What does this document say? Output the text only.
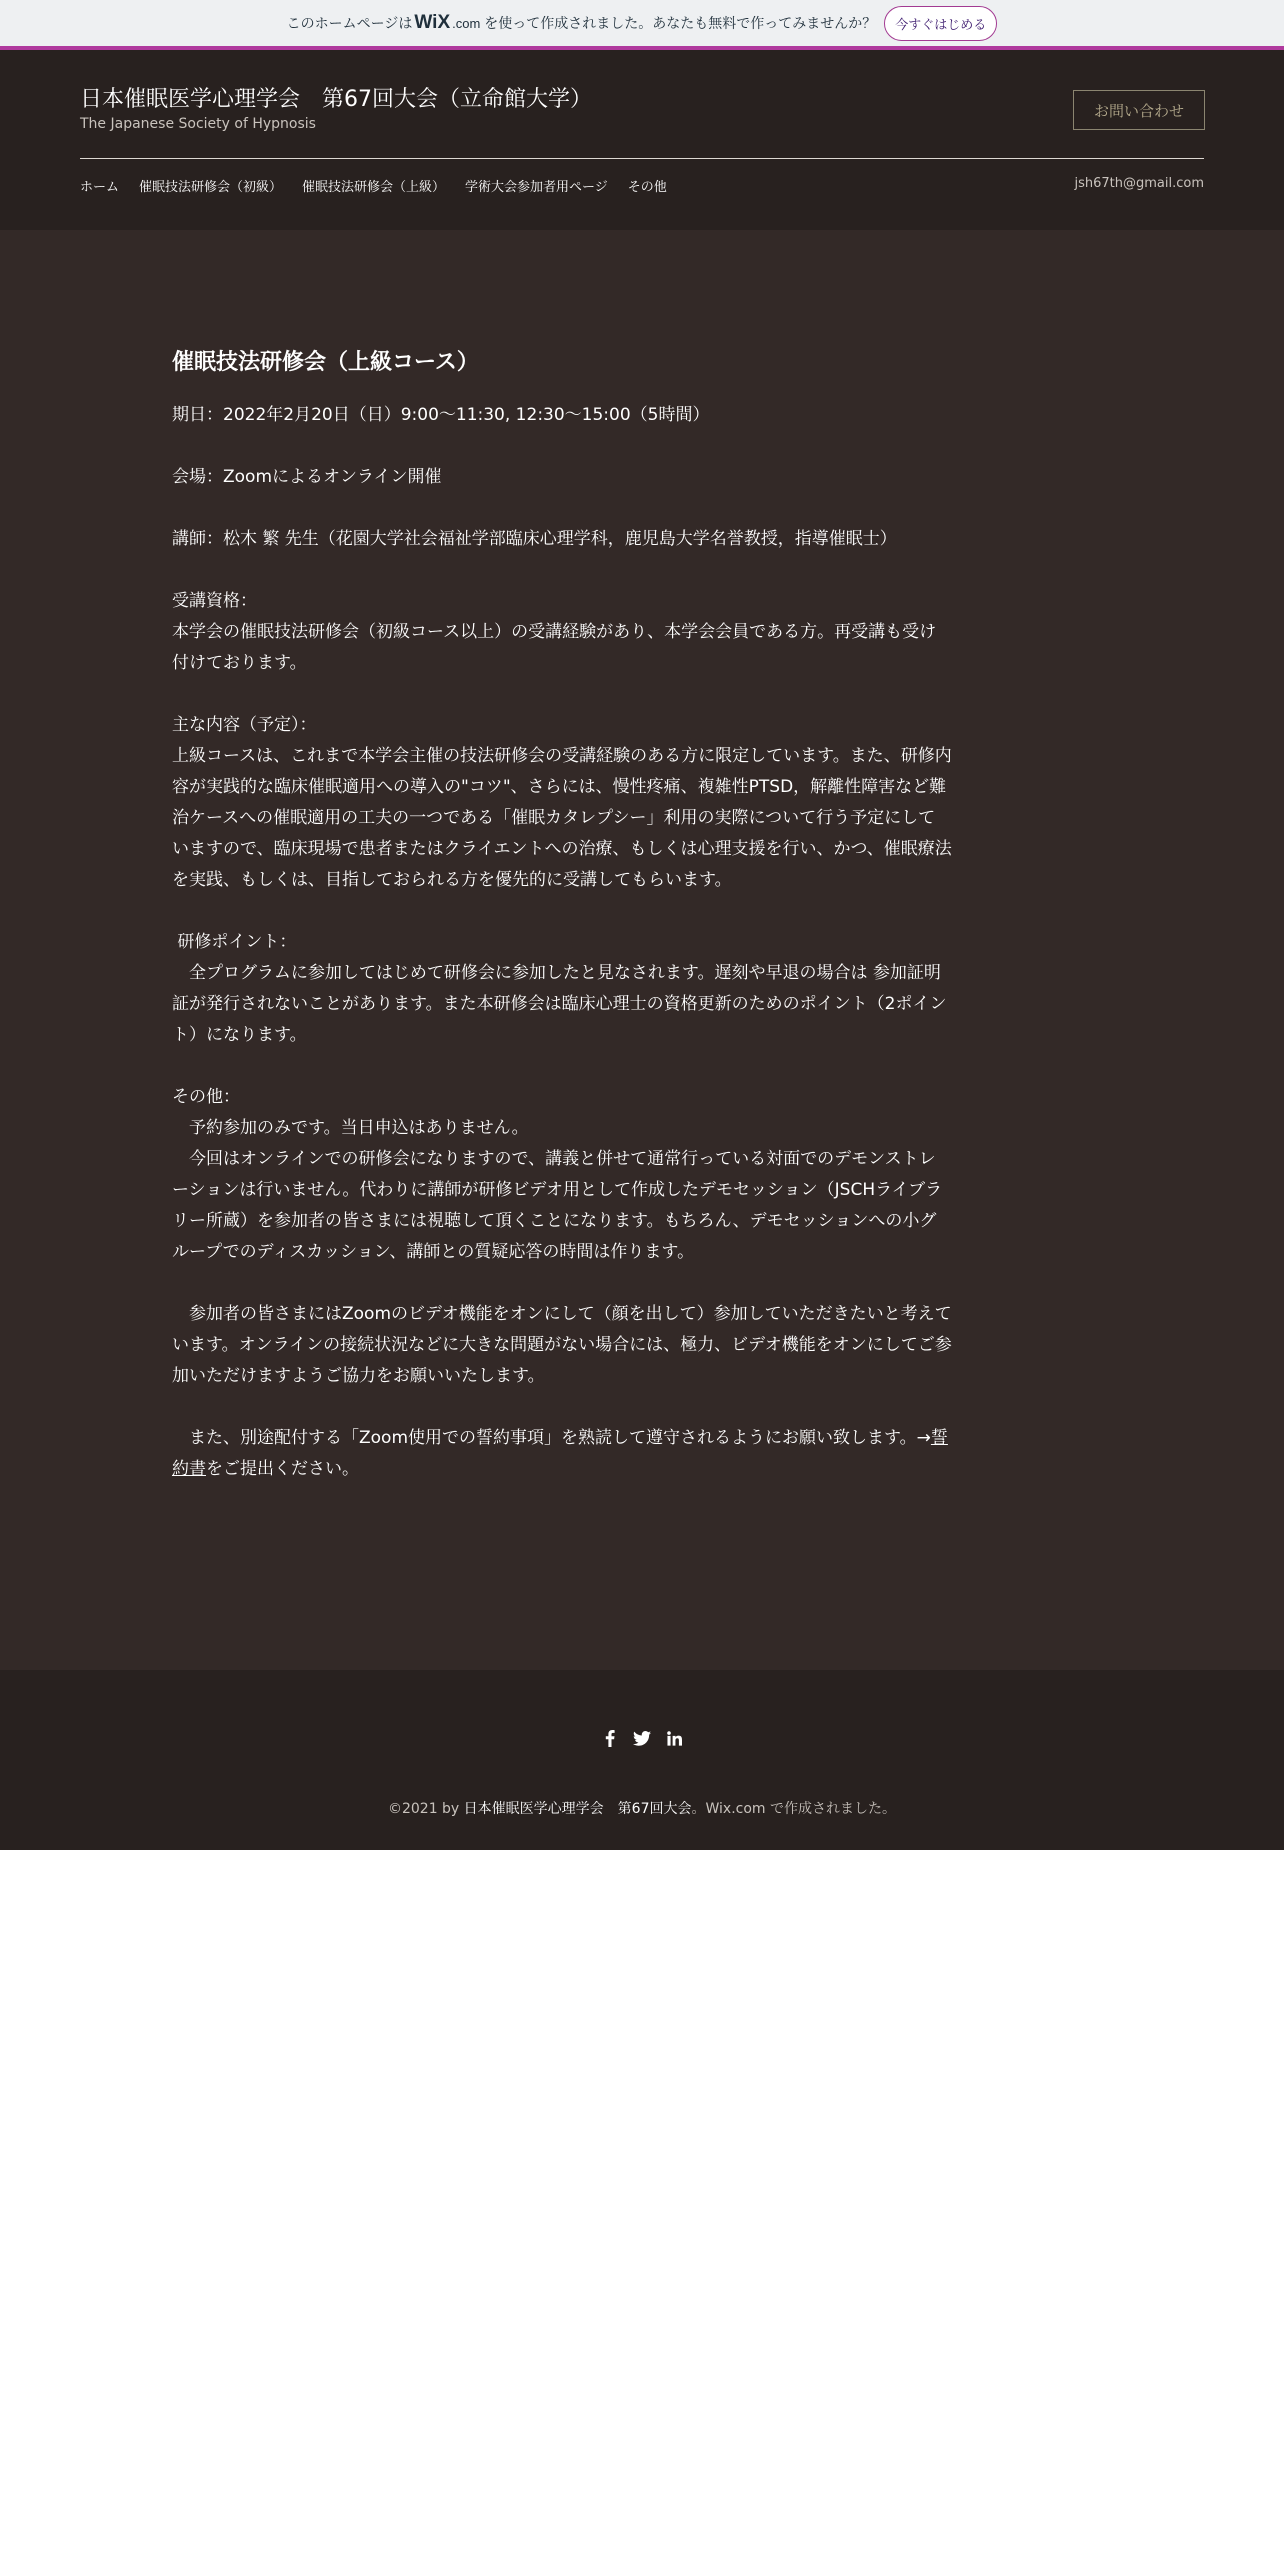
このホームページは WiX .com を使って作成されました。あなたも無料で作ってみませんか？	今すぐはじめる
日本催眠医学心理学会　第67回大会（立命館大学）
The Japanese Society of Hypnosis
お問い合わせ
ホーム 催眠技法研修会（初級） 催眠技法研修会（上級） 学術大会参加者用ページ その他	jsh67th@gmail.com
催眠技法研修会（上級コース）

期日：2022年2月20日（日）9:00～11:30, 12:30〜15:00（5時間）

会場：Zoomによるオンライン開催

講師：松木 繁 先生（花園大学社会福祉学部臨床心理学科，鹿児島大学名誉教授，指導催眠士）

受講資格：
本学会の催眠技法研修会（初級コース以上）の受講経験があり、本学会会員である方。再受講も受け付けております。

主な内容（予定）：
上級コースは、これまで本学会主催の技法研修会の受講経験のある方に限定しています。また、研修内容が実践的な臨床催眠適用への導入の"コツ"、さらには、慢性疼痛、複雑性PTSD，解離性障害など難治ケースへの催眠適用の工夫の一つである「催眠カタレプシー」利用の実際について行う予定にしていますので、臨床現場で患者またはクライエントへの治療、もしくは心理支援を行い、かつ、催眠療法を実践、もしくは、目指しておられる方を優先的に受講してもらいます。

研修ポイント：
　全プログラムに参加してはじめて研修会に参加したと見なされます。遅刻や早退の場合は 参加証明証が発行されないことがあります。また本研修会は臨床心理士の資格更新のためのポイント（2ポイント）になります。

その他：
　予約参加のみです。当日申込はありません。
　今回はオンラインでの研修会になりますので、講義と併せて通常行っている対面でのデモンストレーションは行いません。代わりに講師が研修ビデオ用として作成したデモセッション（JSCHライブラリー所蔵）を参加者の皆さまには視聴して頂くことになります。もちろん、デモセッションへの小グループでのディスカッション、講師との質疑応答の時間は作ります。

　参加者の皆さまにはZoomのビデオ機能をオンにして（顔を出して）参加していただきたいと考えています。オンラインの接続状況などに大きな問題がない場合には、極力、ビデオ機能をオンにしてご参加いただけますようご協力をお願いいたします。

　また、別途配付する「Zoom使用での誓約事項」を熟読して遵守されるようにお願い致します。→誓約書をご提出ください。

©2021 by 日本催眠医学心理学会　第67回大会。Wix.com で作成されました。
